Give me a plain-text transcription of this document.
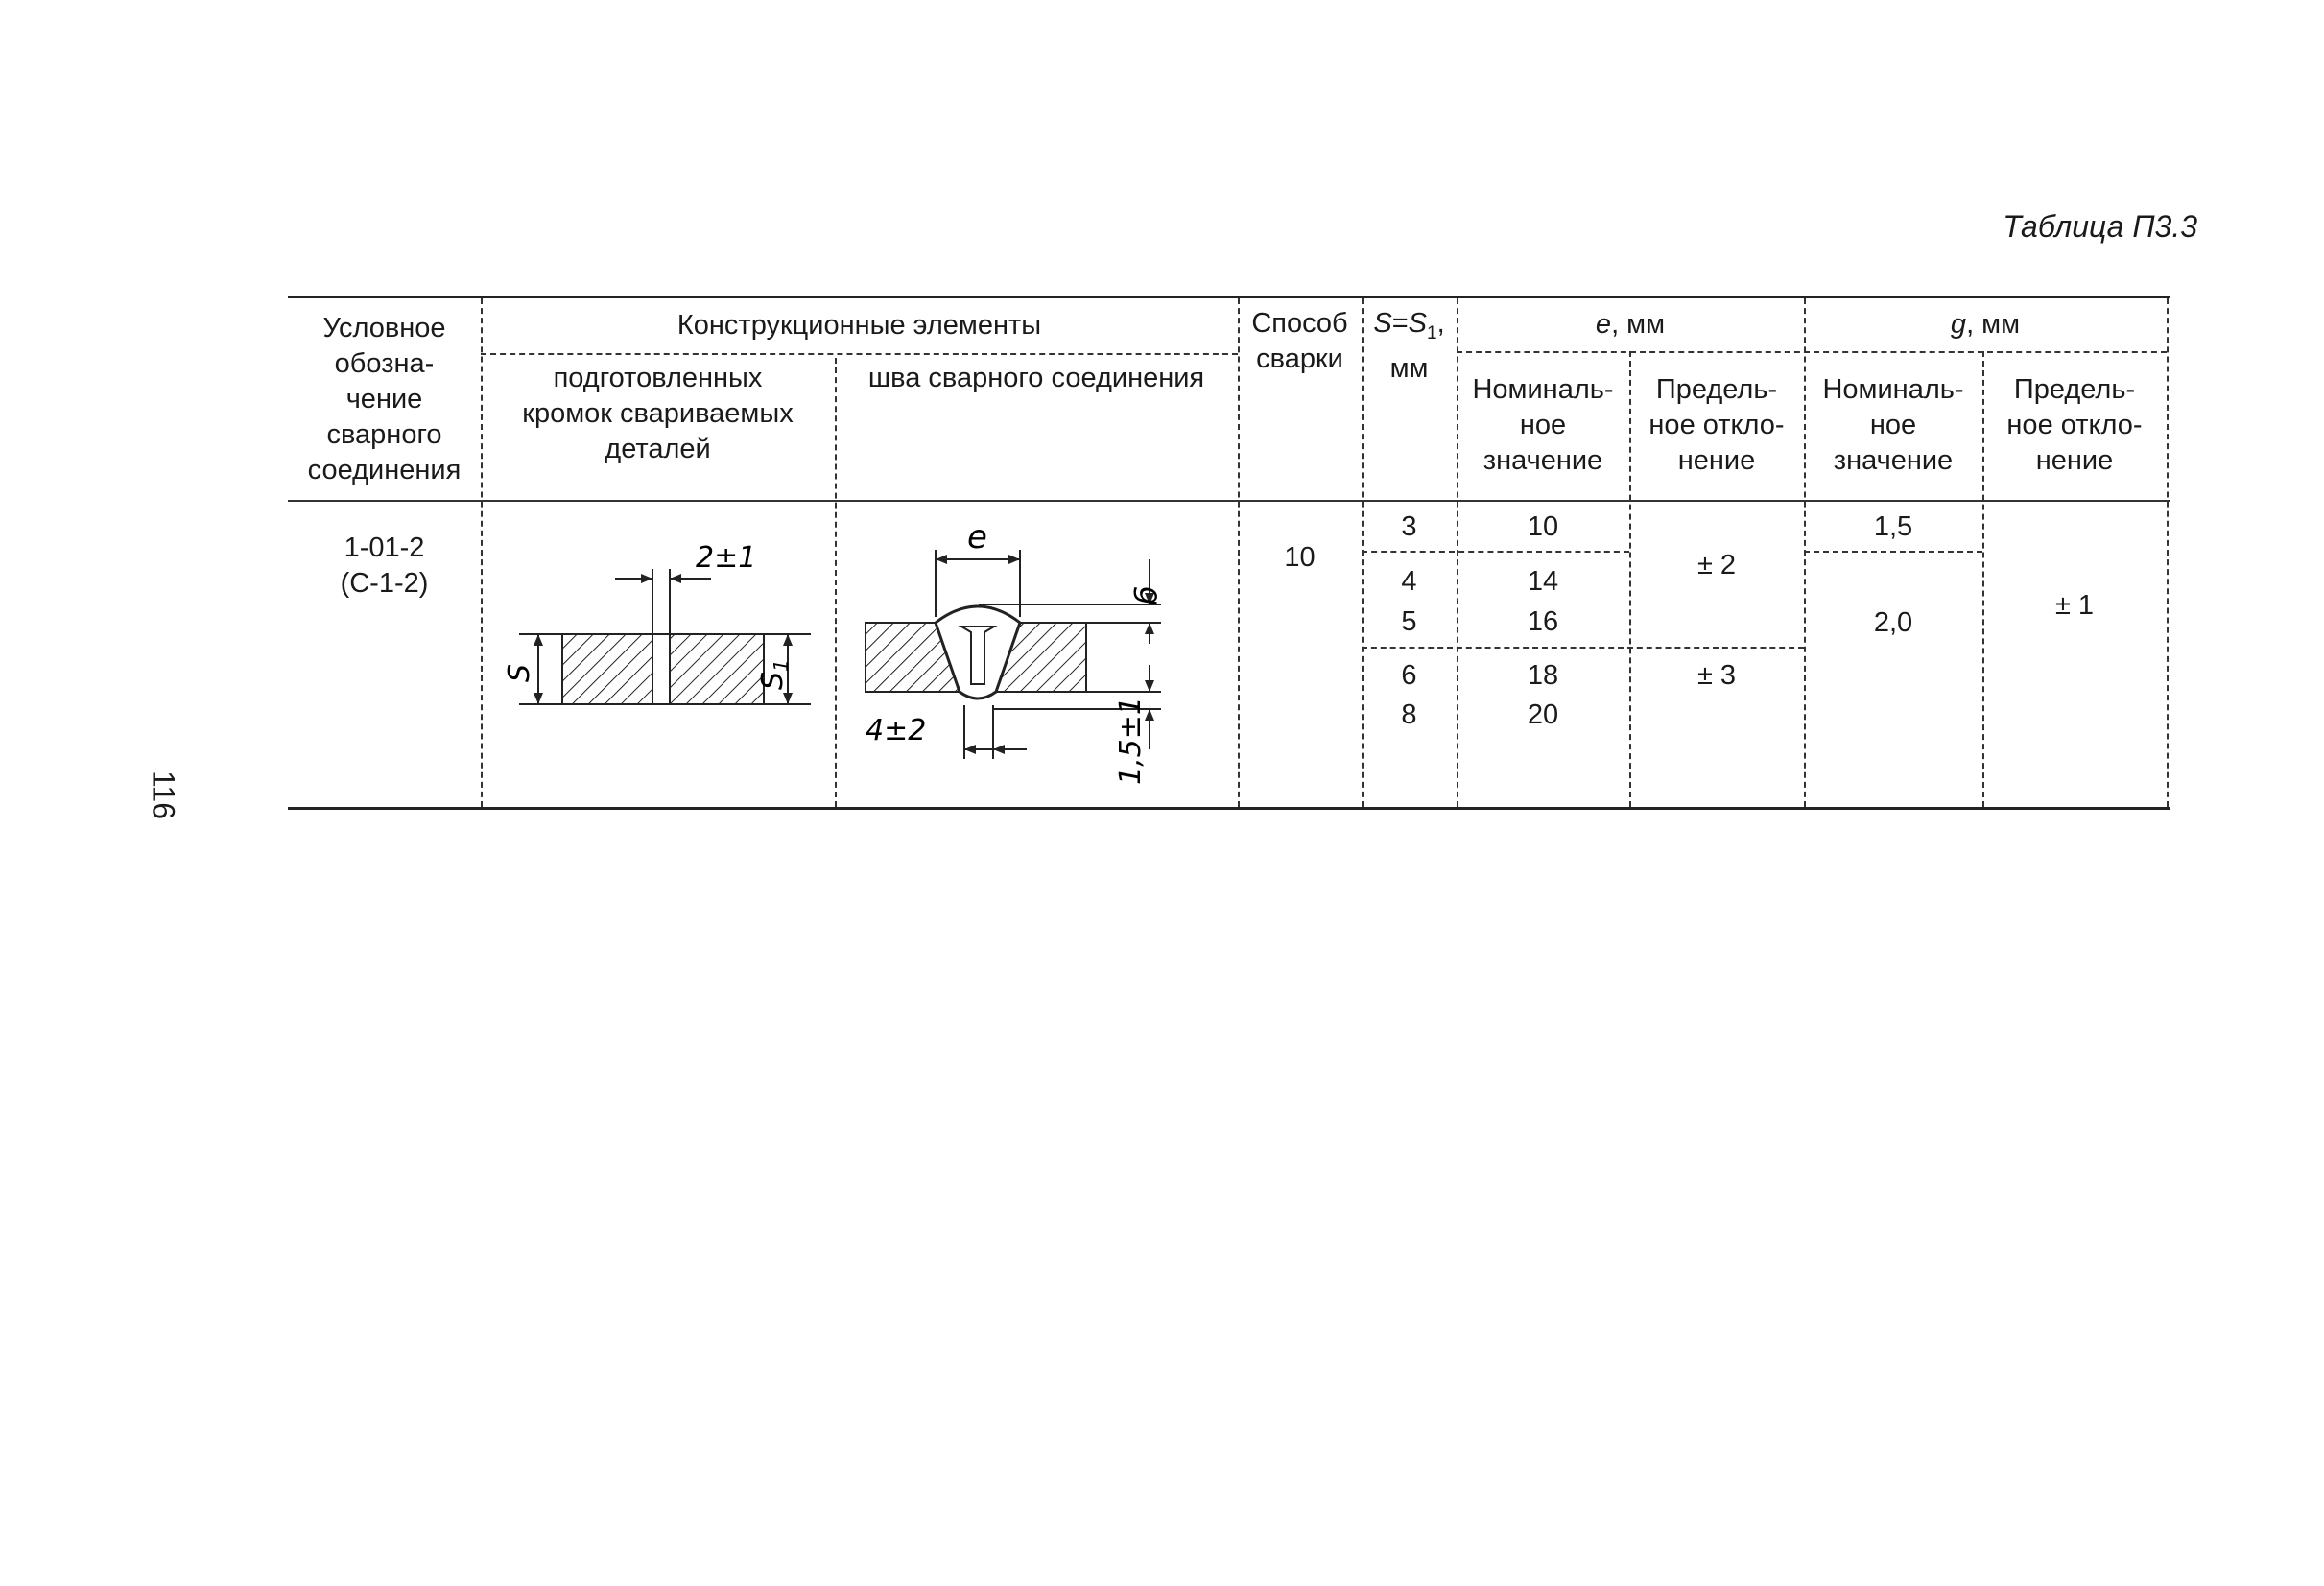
Таблица П3.3
116
Условное
обозна-
чение
сварного
соединения
Конструкционные элементы
подготовленных
кромок свариваемых
деталей
шва сварного соединения
Способ
сварки
$S=S_1$,
мм
e, мм	g, мм
Номиналь-
ное
значение
Предель-
ное откло-
нение
Номиналь-
ное
значение
Предель-
ное откло-
нение
1-01-2
(С-1-2)
10
3
4
5
6
8
10
14
16
18
20
± 2
± 3
1,5
2,0
± 1
2±1
S	$S_1$
e
g
1,5±1
4±2
